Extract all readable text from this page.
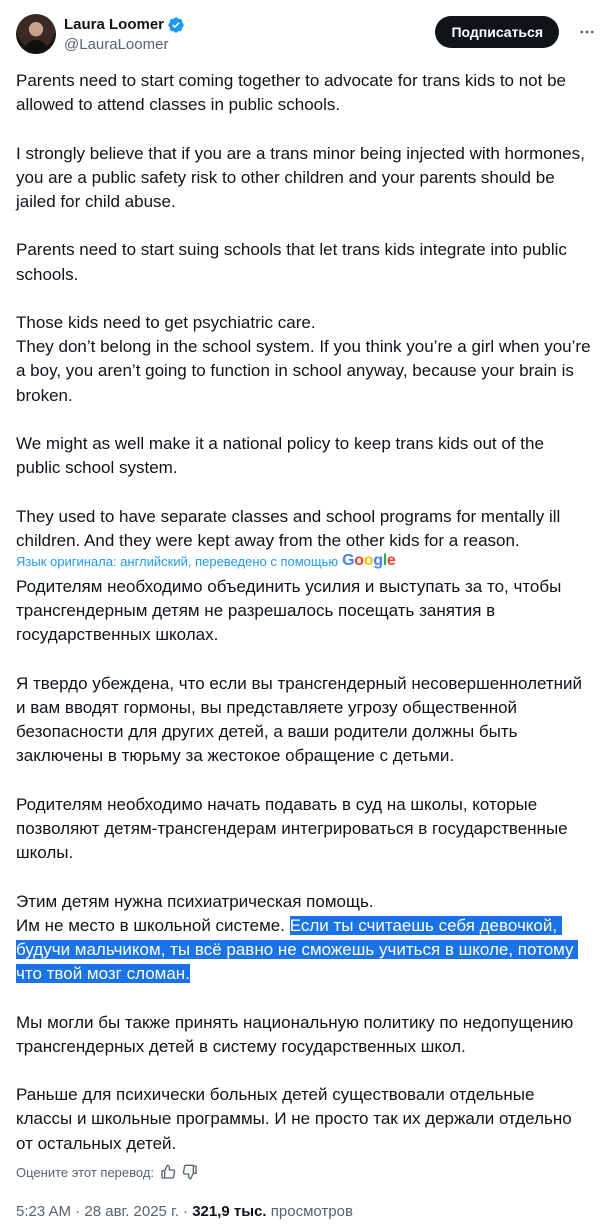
Laura Loomer
@LauraLoomer
Подписаться

Parents need to start coming together to advocate for trans kids to not be allowed to attend classes in public schools.

I strongly believe that if you are a trans minor being injected with hormones, you are a public safety risk to other children and your parents should be jailed for child abuse.

Parents need to start suing schools that let trans kids integrate into public schools.

Those kids need to get psychiatric care.
They don’t belong in the school system. If you think you’re a girl when you’re a boy, you aren’t going to function in school anyway, because your brain is broken.

We might as well make it a national policy to keep trans kids out of the public school system.

They used to have separate classes and school programs for mentally ill children. And they were kept away from the other kids for a reason.

Язык оригинала: английский, переведено с помощью Google

Родителям необходимо объединить усилия и выступать за то, чтобы трансгендерным детям не разрешалось посещать занятия в государственных школах.

Я твердо убеждена, что если вы трансгендерный несовершеннолетний и вам вводят гормоны, вы представляете угрозу общественной безопасности для других детей, а ваши родители должны быть заключены в тюрьму за жестокое обращение с детьми.

Родителям необходимо начать подавать в суд на школы, которые позволяют детям-трансгендерам интегрироваться в государственные школы.

Этим детям нужна психиатрическая помощь.
Им не место в школьной системе. Если ты считаешь себя девочкой, будучи мальчиком, ты всё равно не сможешь учиться в школе, потому что твой мозг сломан.

Мы могли бы также принять национальную политику по недопущению трансгендерных детей в систему государственных школ.

Раньше для психически больных детей существовали отдельные классы и школьные программы. И не просто так их держали отдельно от остальных детей.

Оцените этот перевод:
5:23 AM · 28 авг. 2025 г. · 321,9 тыс. просмотров
